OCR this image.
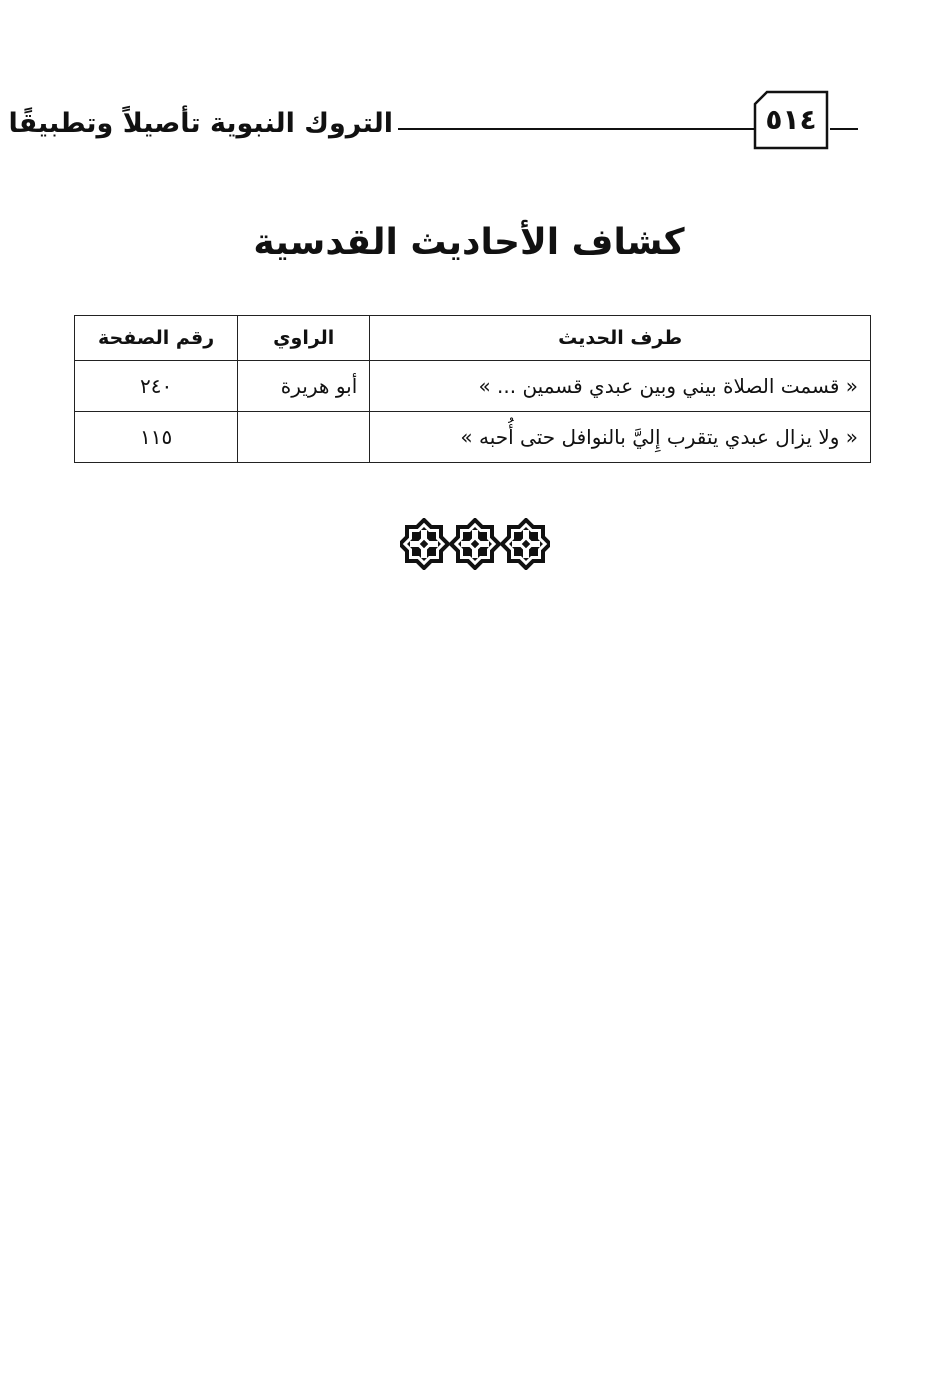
التروك النبوية تأصيلاً وتطبيقًا	٥١٤
كشاف الأحاديث القدسية
طرف الحديث	الراوي	رقم الصفحة
« قسمت الصلاة بيني وبين عبدي قسمين ... »	أبو هريرة	٢٤٠
« ولا يزال عبدي يتقرب إِليَّ بالنوافل حتى أُحبه »		١١٥
